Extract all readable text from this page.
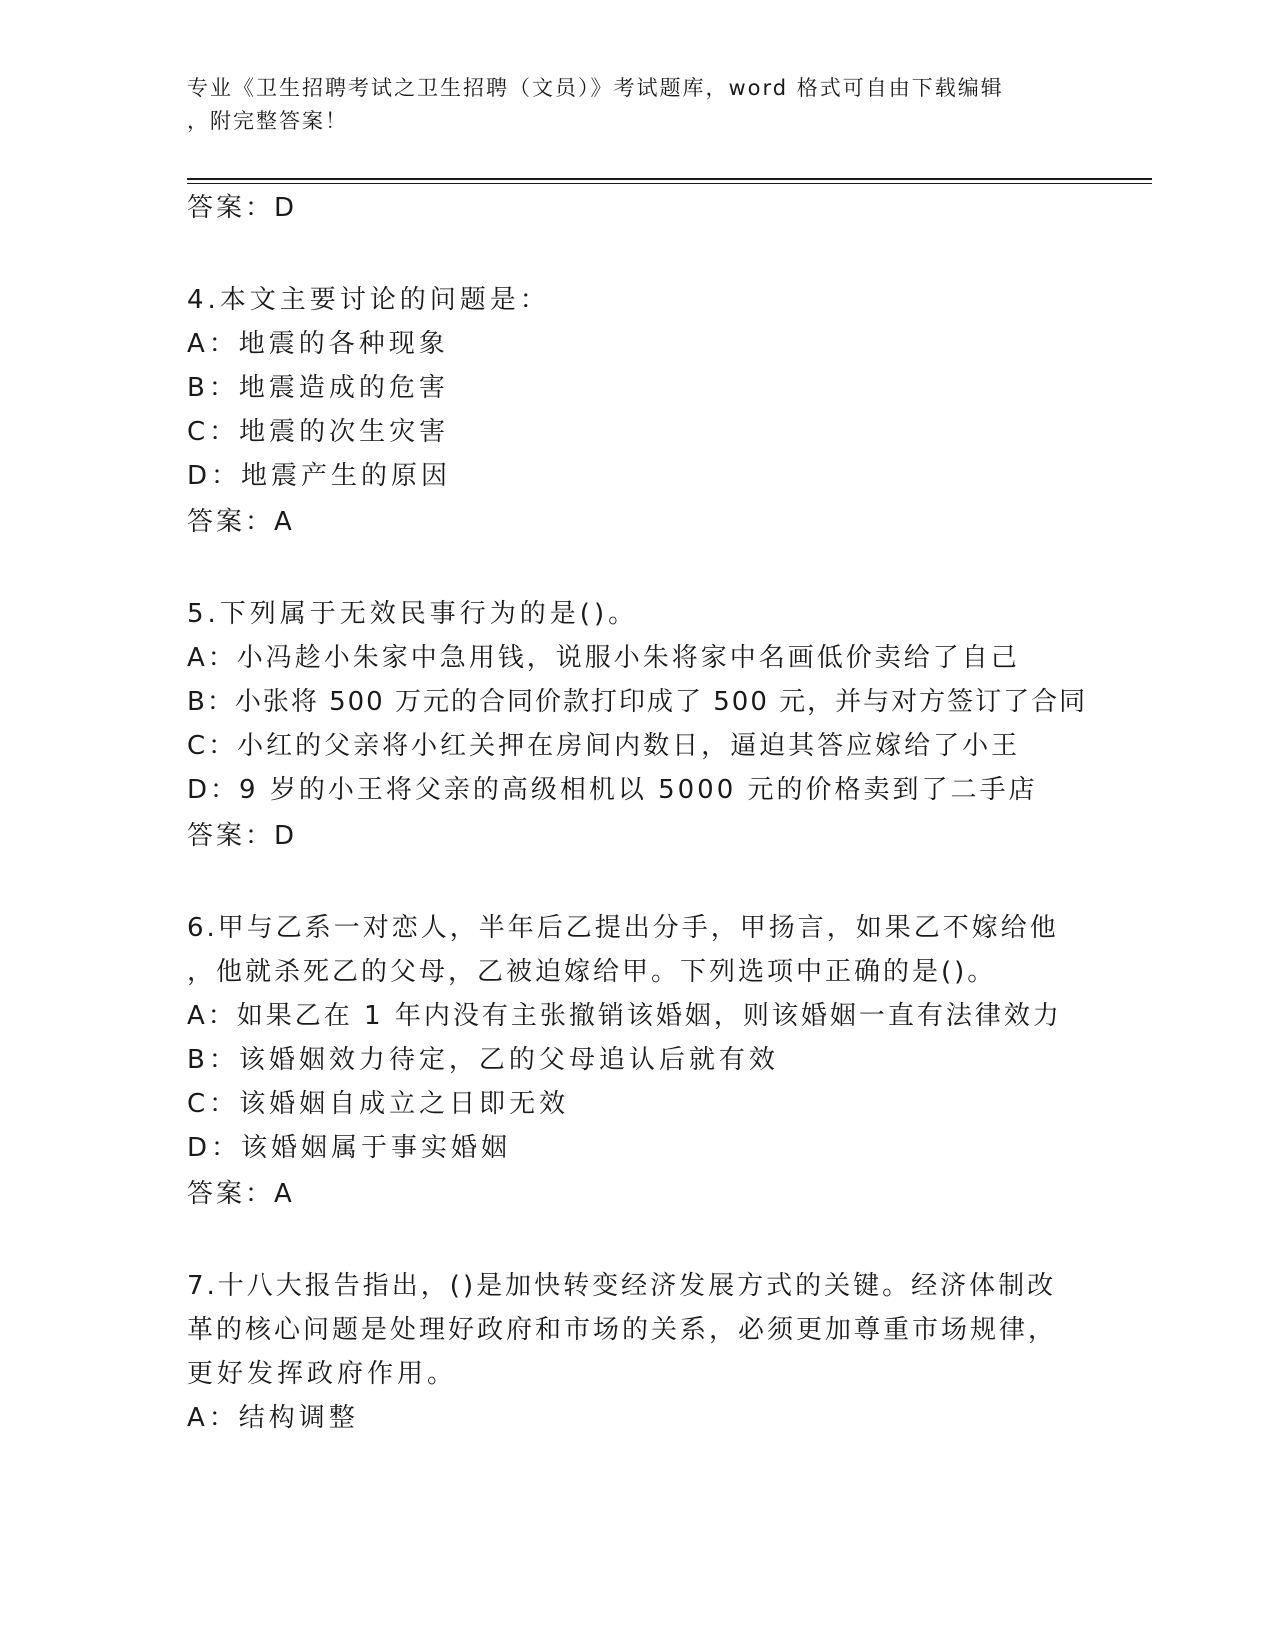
专业《卫生招聘考试之卫生招聘（文员）》考试题库，word 格式可自由下载编辑
，附完整答案！
答案：D
4.本文主要讨论的问题是：
A：地震的各种现象
B：地震造成的危害
C：地震的次生灾害
D：地震产生的原因
答案：A
5.下列属于无效民事行为的是()。
A：小冯趁小朱家中急用钱，说服小朱将家中名画低价卖给了自己
B：小张将 500 万元的合同价款打印成了 500 元，并与对方签订了合同
C：小红的父亲将小红关押在房间内数日，逼迫其答应嫁给了小王
D：9 岁的小王将父亲的高级相机以 5000 元的价格卖到了二手店
答案：D
6.甲与乙系一对恋人，半年后乙提出分手，甲扬言，如果乙不嫁给他
，他就杀死乙的父母，乙被迫嫁给甲。下列选项中正确的是()。
A：如果乙在 1 年内没有主张撤销该婚姻，则该婚姻一直有法律效力
B：该婚姻效力待定，乙的父母追认后就有效
C：该婚姻自成立之日即无效
D：该婚姻属于事实婚姻
答案：A
7.十八大报告指出，()是加快转变经济发展方式的关键。经济体制改
革的核心问题是处理好政府和市场的关系，必须更加尊重市场规律，
更好发挥政府作用。
A：结构调整
